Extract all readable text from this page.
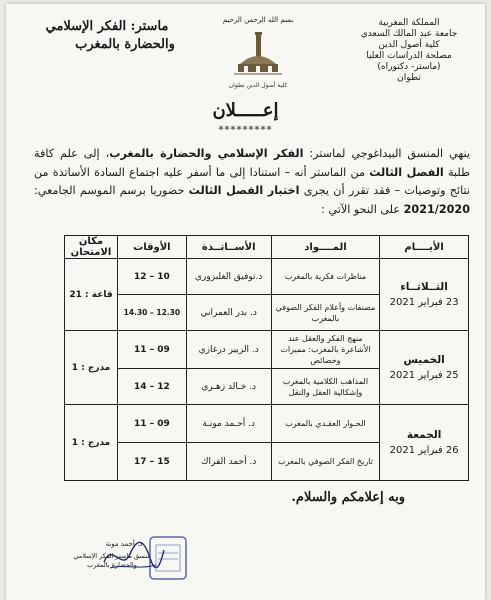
المملكة المغربية
جامعة عبد المالك السعدي
كلية أصول الدين
مصلحة الدراسات العليا
(ماستر- دكتوراه)
تطوان
ماستر: الفكر الإسلامي
والحضارة بالمغرب
بسم الله الرحمن الرحيم
كلية أصول الدين تطوان
إعـــــلان
*********
ينهي المنسق البيداغوجي لماستر: الفكر الإسلامي والحضارة بالمغرب، إلى علم كافة طلبة الفصل الثالث من الماستر أنه – استنادا إلى ما أسفر عليه اجتماع السادة الأساتذة من نتائج وتوصيات – فقد تقرر أن يجرى اختبار الفصل الثالث حضوريا برسم الموسم الجامعي: 2021/2020 على النحو الآتي :
الأيــــام	المــــواد	الأســاتــذة	الأوقات	مكان الامتحان

الثــلاثــاء
23 فبراير 2021	مناظرات فكرية بالمغرب	د.توفيق الغلبزوري	10 – 12	قاعة : 21
	مصنفات وأعلام الفكر الصوفي بالمغرب	د. بدر العمراني	12.30 – 14.30	

الخميس
25 فبراير 2021	منهج الفكر والعقل عند الأشاعرة بالمغرب: مميزات وخصائص	د. الزبير درغازي	09 – 11	مدرج : 1
	المذاهب الكلامية بالمغرب وإشكالية العقل والنقل	د. خـالد زهـري	12 – 14	

الجمعة
26 فبراير 2021	الحـوار العقـدي بالمغرب	د. أحـمد مونـة	09 – 11	مدرج : 1
	تاريخ الفكر الصوفي بالمغرب	د. أحمد الفراك	15 – 17	
وبه إعلامكم والسلام.
د. أحمد مونة
منسق ماستر الفكر الإسلامي
والحضارة بالمغرب
